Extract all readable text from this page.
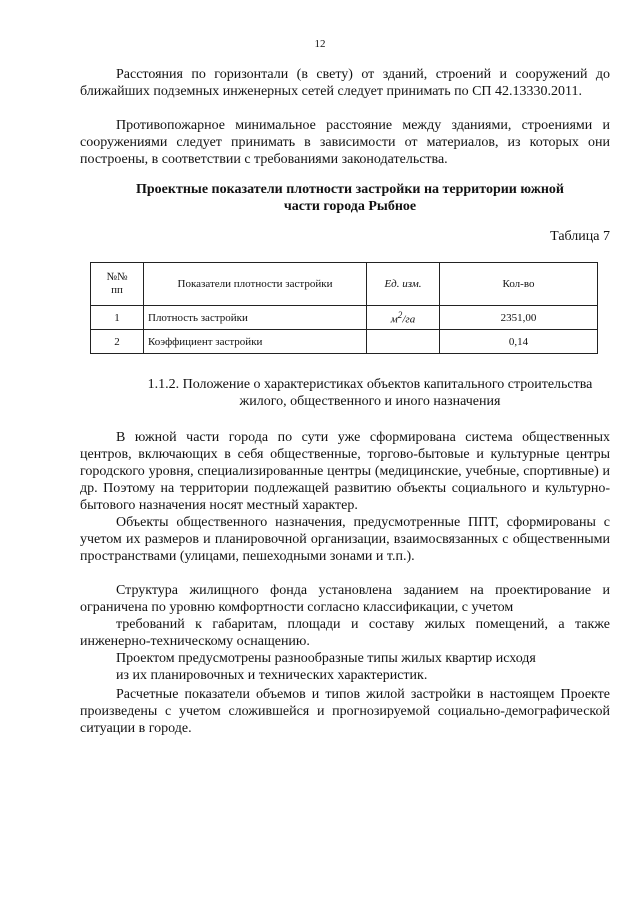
12

Расстояния по горизонтали (в свету) от зданий, строений и сооружений до ближайших подземных инженерных сетей следует принимать по СП 42.13330.2011.

Противопожарное минимальное расстояние между зданиями, строениями и сооружениями следует принимать в зависимости от материалов, из которых они построены, в соответствии с требованиями законодательства.

Проектные показатели плотности застройки на территории южной
части города Рыбное
Таблица 7
№№
пп	Показатели плотности застройки	Ед. изм.	Кол-во
1	Плотность застройки	$м^2/га$	2351,00
2	Коэффициент застройки		0,14
1.1.2. Положение о характеристиках объектов капитального строительства
жилого, общественного и иного назначения

В южной части города по сути уже сформирована система общественных центров, включающих в себя общественные, торгово-бытовые и культурные центры городского уровня, специализированные центры (медицинские, учебные, спортивные) и др. Поэтому на территории подлежащей развитию объекты социального и культурно-бытового назначения носят местный характер.

Объекты общественного назначения, предусмотренные ППТ, сформированы с учетом их размеров и планировочной организации, взаимосвязанных с общественными пространствами (улицами, пешеходными зонами и т.п.).

Структура жилищного фонда установлена заданием на проектирование и ограничена по уровню комфортности согласно классификации, с учетом

требований к габаритам, площади и составу жилых помещений, а также инженерно-техническому оснащению.

Проектом предусмотрены разнообразные типы жилых квартир исходя

из их планировочных и технических характеристик.

Расчетные показатели объемов и типов жилой застройки в настоящем Проекте произведены с учетом сложившейся и прогнозируемой социально-демографической ситуации в городе.
